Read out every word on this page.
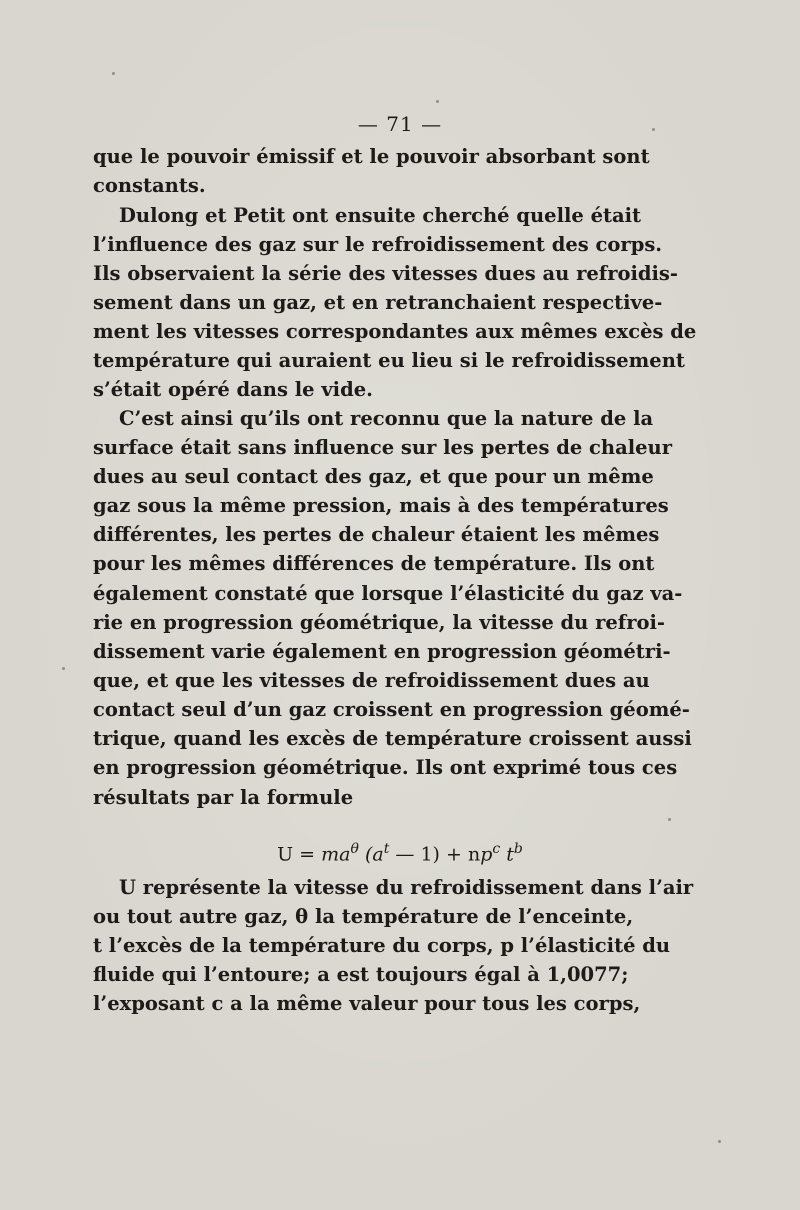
— 71 —
que le pouvoir émissif et le pouvoir absorbant sont
constants.
Dulong et Petit ont ensuite cherché quelle était
l’influence des gaz sur le refroidissement des corps.
Ils observaient la série des vitesses dues au refroidis-
sement dans un gaz, et en retranchaient respective-
ment les vitesses correspondantes aux mêmes excès de
température qui auraient eu lieu si le refroidissement
s’était opéré dans le vide.
C’est ainsi qu’ils ont reconnu que la nature de la
surface était sans influence sur les pertes de chaleur
dues au seul contact des gaz, et que pour un même
gaz sous la même pression, mais à des températures
différentes, les pertes de chaleur étaient les mêmes
pour les mêmes différences de température. Ils ont
également constaté que lorsque l’élasticité du gaz va-
rie en progression géométrique, la vitesse du refroi-
dissement varie également en progression géométri-
que, et que les vitesses de refroidissement dues au
contact seul d’un gaz croissent en progression géomé-
trique, quand les excès de température croissent aussi
en progression géométrique. Ils ont exprimé tous ces
résultats par la formule
$U = ma^\theta$ ($a^t$ — $1) + np^c$ $t^b$
U représente la vitesse du refroidissement dans l’air
ou tout autre gaz, θ la température de l’enceinte,
t l’excès de la température du corps, p l’élasticité du
fluide qui l’entoure; a est toujours égal à 1,0077;
l’exposant c a la même valeur pour tous les corps,
